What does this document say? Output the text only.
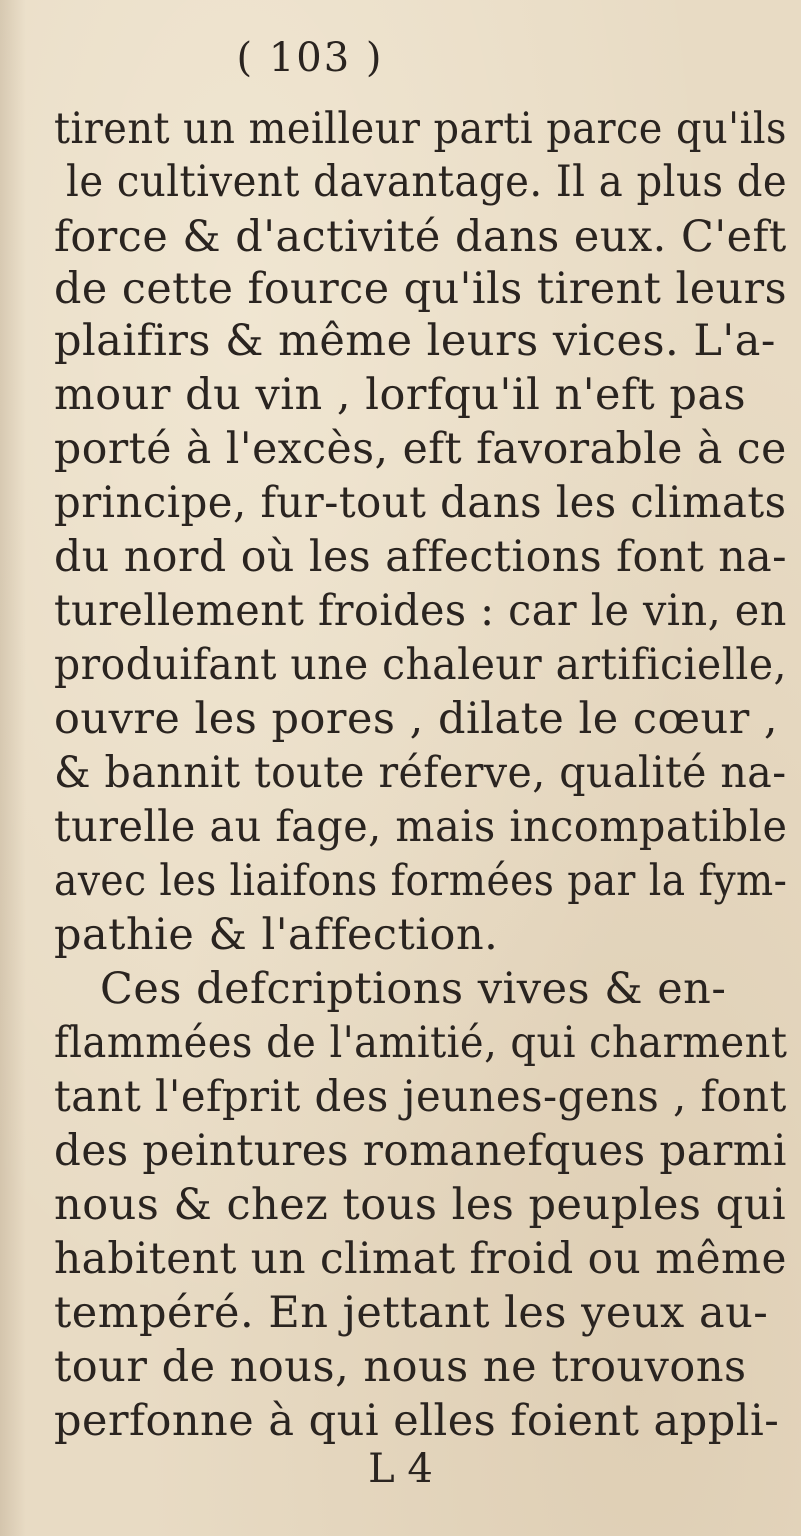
( 103 )
tirent un meilleur parti parce qu'ils
le cultivent davantage. Il a plus de
force & d'activité dans eux. C'eft
de cette fource qu'ils tirent leurs
plaifirs & même leurs vices. L'a-
mour du vin , lorfqu'il n'eft pas
porté à l'excès, eft favorable à ce
principe, fur-tout dans les climats
du nord où les affections font na-
turellement froides : car le vin, en
produifant une chaleur artificielle,
ouvre les pores , dilate le cœur ,
& bannit toute réferve, qualité na-
turelle au fage, mais incompatible
avec les liaifons formées par la fym-
pathie & l'affection.
Ces defcriptions vives & en-
flammées de l'amitié, qui charment
tant l'efprit des jeunes-gens , font
des peintures romanefques parmi
nous & chez tous les peuples qui
habitent un climat froid ou même
tempéré. En jettant les yeux au-
tour de nous, nous ne trouvons
perfonne à qui elles foient appli-
L 4
